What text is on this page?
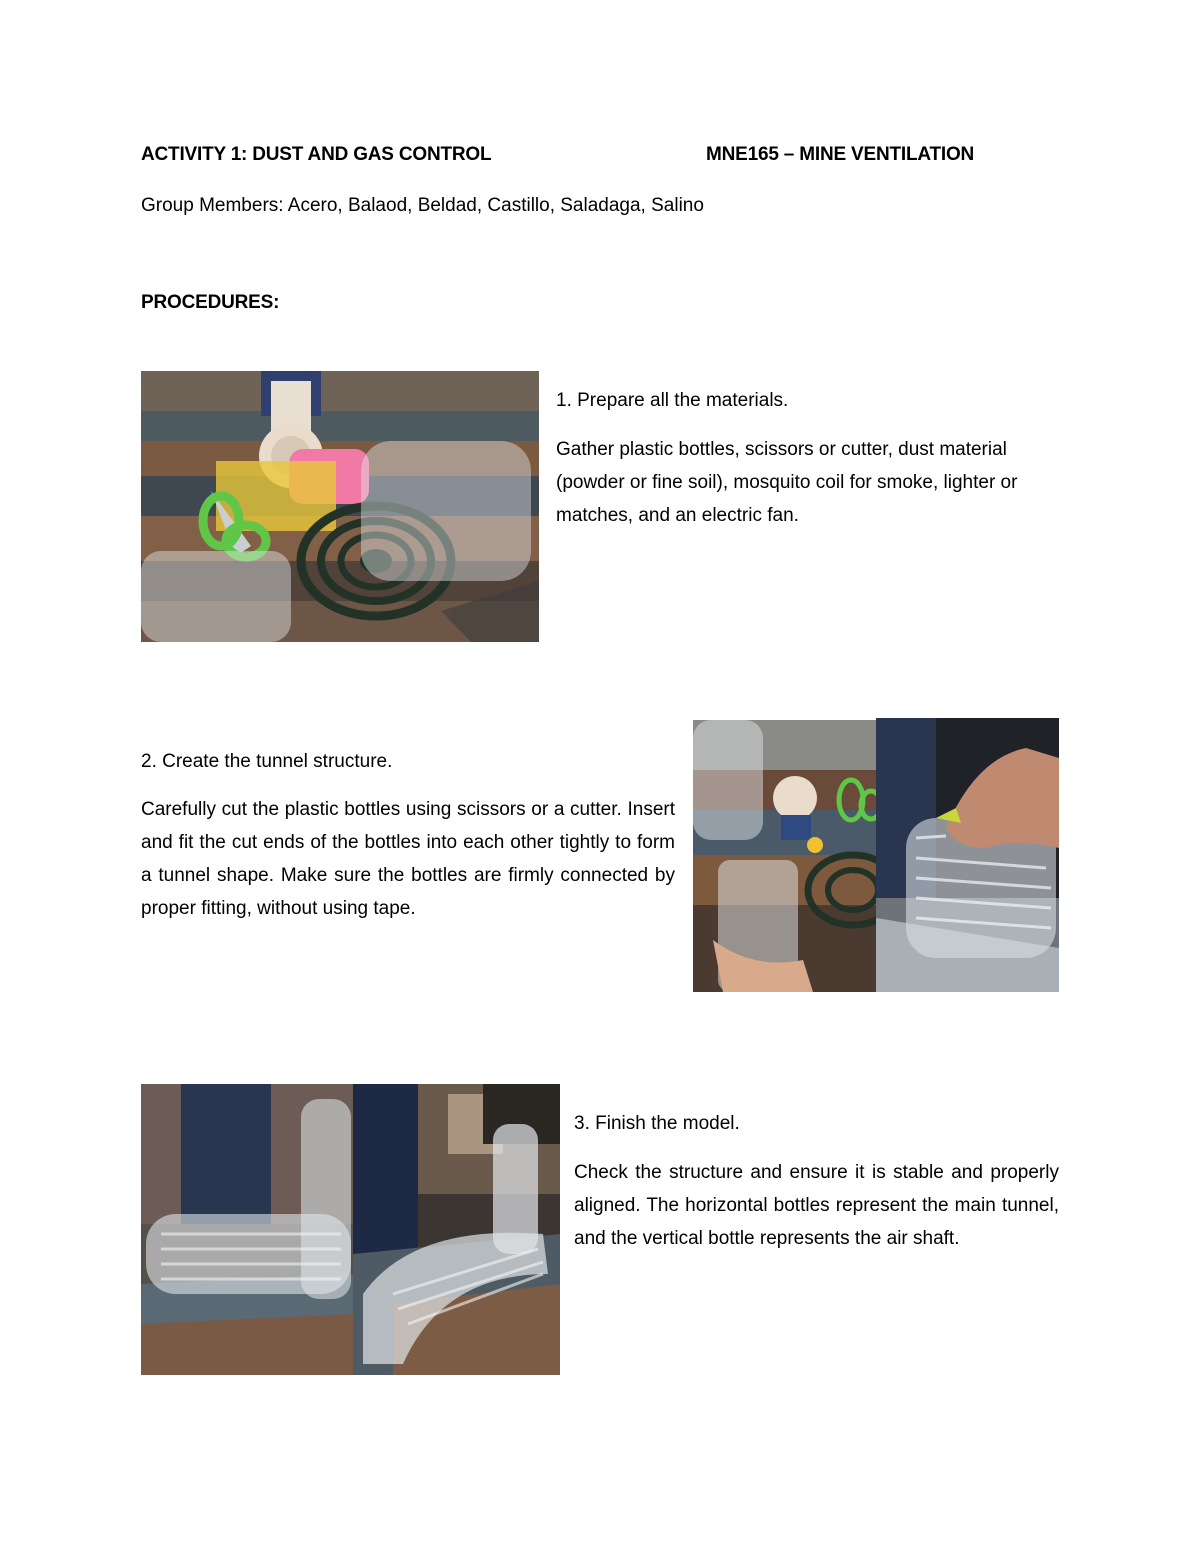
ACTIVITY 1: DUST AND GAS CONTROL	MNE165 – MINE VENTILATION
Group Members: Acero, Balaod, Beldad, Castillo, Saladaga, Salino
PROCEDURES:
1. Prepare all the materials.
Gather plastic bottles, scissors or cutter, dust material (powder or fine soil), mosquito coil for smoke, lighter or matches, and an electric fan.
2. Create the tunnel structure.
Carefully cut the plastic bottles using scissors or a cutter. Insert and fit the cut ends of the bottles into each other tightly to form a tunnel shape. Make sure the bottles are firmly connected by proper fitting, without using tape.
3. Finish the model.
Check the structure and ensure it is stable and properly aligned. The horizontal bottles represent the main tunnel, and the vertical bottle represents the air shaft.
